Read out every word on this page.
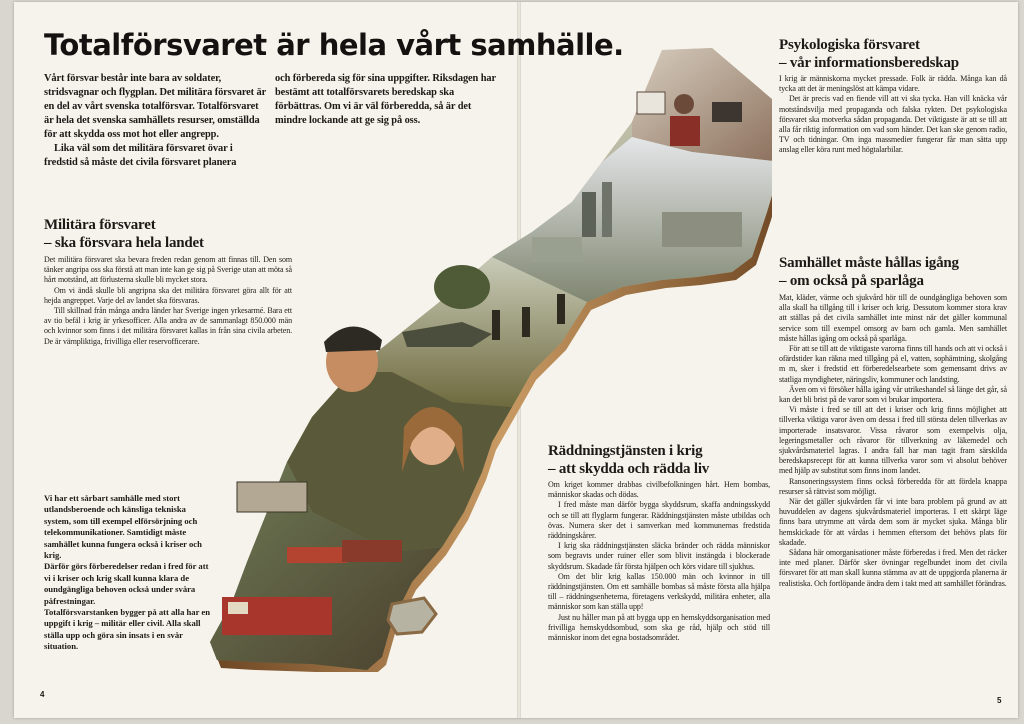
Vårt försvar består inte bara av soldater, stridsvagnar och flygplan. Det militära försvaret är en del av vårt svenska totalförsvar. Totalförsvaret är hela det svenska samhällets resurser, omställda för att skydda oss mot hot eller angrepp.

Lika väl som det militära försvaret övar i fredstid så måste det civila försvaret planera

och förbereda sig för sina uppgifter. Riksdagen har bestämt att totalförsvarets beredskap ska förbättras. Om vi är väl förberedda, så är det mindre lockande att ge sig på oss.

Militära försvaret
– ska försvara hela landet

Det militära försvaret ska bevara freden redan genom att finnas till. Den som tänker angripa oss ska förstå att man inte kan ge sig på Sverige utan att möta så hårt motstånd, att förlusterna skulle bli mycket stora.

Om vi ändå skulle bli angripna ska det militära försvaret göra allt för att hejda angreppet. Varje del av landet ska försvaras.

Till skillnad från många andra länder har Sverige ingen yrkesarmé. Bara ett av tio befäl i krig är yrkesofficer. Alla andra av de sammanlagt 850.000 män och kvinnor som finns i det militära försvaret kallas in från sina civila arbeten. De är värnpliktiga, frivilliga eller reservofficerare.

Vi har ett sårbart samhälle med stort utlandsberoende och känsliga tekniska system, som till exempel elförsörjning och telekommunikationer. Samtidigt måste samhället kunna fungera också i kriser och krig.

Därför görs förberedelser redan i fred för att vi i kriser och krig skall kunna klara de oundgängliga behoven också under svåra påfrestningar.

Totalförsvarstanken bygger på att alla har en uppgift i krig – militär eller civil. Alla skall ställa upp och göra sin insats i en svår situation.

4
Psykologiska försvaret
– vår informationsberedskap

I krig är människorna mycket pressade. Folk är rädda. Många kan då tycka att det är meningslöst att kämpa vidare.

Det är precis vad en fiende vill att vi ska tycka. Han vill knäcka vår motståndsvilja med propaganda och falska rykten. Det psykologiska försvaret ska motverka sådan propaganda. Det viktigaste är att se till att alla får riktig information om vad som händer. Det kan ske genom radio, TV och tidningar. Om inga massmedier fungerar får man sätta upp anslag eller köra runt med högtalarbilar.

Samhället måste hållas igång
– om också på sparlåga

Mat, kläder, värme och sjukvård hör till de oundgängliga behoven som alla skall ha tillgång till i kriser och krig. Dessutom kommer stora krav att ställas på det civila samhället inte minst när det gäller kommunal service som till exempel omsorg av barn och gamla. Men samhället måste hållas igång om också på sparlåga.

För att se till att de viktigaste varorna finns till hands och att vi också i ofärdstider kan räkna med tillgång på el, vatten, sophämtning, skolgång m m, sker i fredstid ett förberedelsearbete som gemensamt drivs av statliga myndigheter, näringsliv, kommuner och landsting.

Även om vi försöker hålla igång vår utrikeshandel så länge det går, så kan det bli brist på de varor som vi brukar importera.

Vi måste i fred se till att det i kriser och krig finns möjlighet att tillverka viktiga varor även om dessa i fred till största delen tillverkas av importerade insatsvaror. Vissa råvaror som exempelvis olja, legeringsmetaller och råvaror för tillverkning av läkemedel och sjukvårdsmateriel lagras. I andra fall har man tagit fram särskilda beredskapsrecept för att kunna tillverka varor som vi absolut behöver med hjälp av substitut som finns inom landet.

Ransoneringssystem finns också förberedda för att fördela knappa resurser så rättvist som möjligt.

När det gäller sjukvården får vi inte bara problem på grund av att huvuddelen av dagens sjukvårdsmateriel importeras. I ett skärpt läge finns bara utrymme att vårda dem som är mycket sjuka. Många blir hemskickade för att vårdas i hemmen eftersom det behövs plats för skadade.

Sådana här omorganisationer måste förberedas i fred. Men det räcker inte med planer. Därför sker övningar regelbundet inom det civila försvaret för att man skall kunna stämma av att de uppgjorda planerna är realistiska. Och fortlöpande ändra dem i takt med att samhället förändras.

Räddningstjänsten i krig
– att skydda och rädda liv

Om kriget kommer drabbas civilbefolkningen hårt. Hem bombas, människor skadas och dödas.

I fred måste man därför bygga skyddsrum, skaffa andningsskydd och se till att flyglarm fungerar. Räddningstjänsten måste utbildas och övas. Numera sker det i samverkan med kommunernas fredstida räddningskårer.

I krig ska räddningstjänsten släcka bränder och rädda människor som begravts under ruiner eller som blivit instängda i blockerade skyddsrum. Skadade får första hjälpen och körs vidare till sjukhus.

Om det blir krig kallas 150.000 män och kvinnor in till räddningstjänsten. Om ett samhälle bombas så måste första alla hjälpa till – räddningsenheterna, företagens verkskydd, militära enheter, alla människor som kan ställa upp!

Just nu håller man på att bygga upp en hemskyddsorganisation med frivilliga hemskyddsombud, som ska ge råd, hjälp och stöd till människor inom det egna bostadsområdet.

5
Totalförsvaret är hela vårt samhälle.
